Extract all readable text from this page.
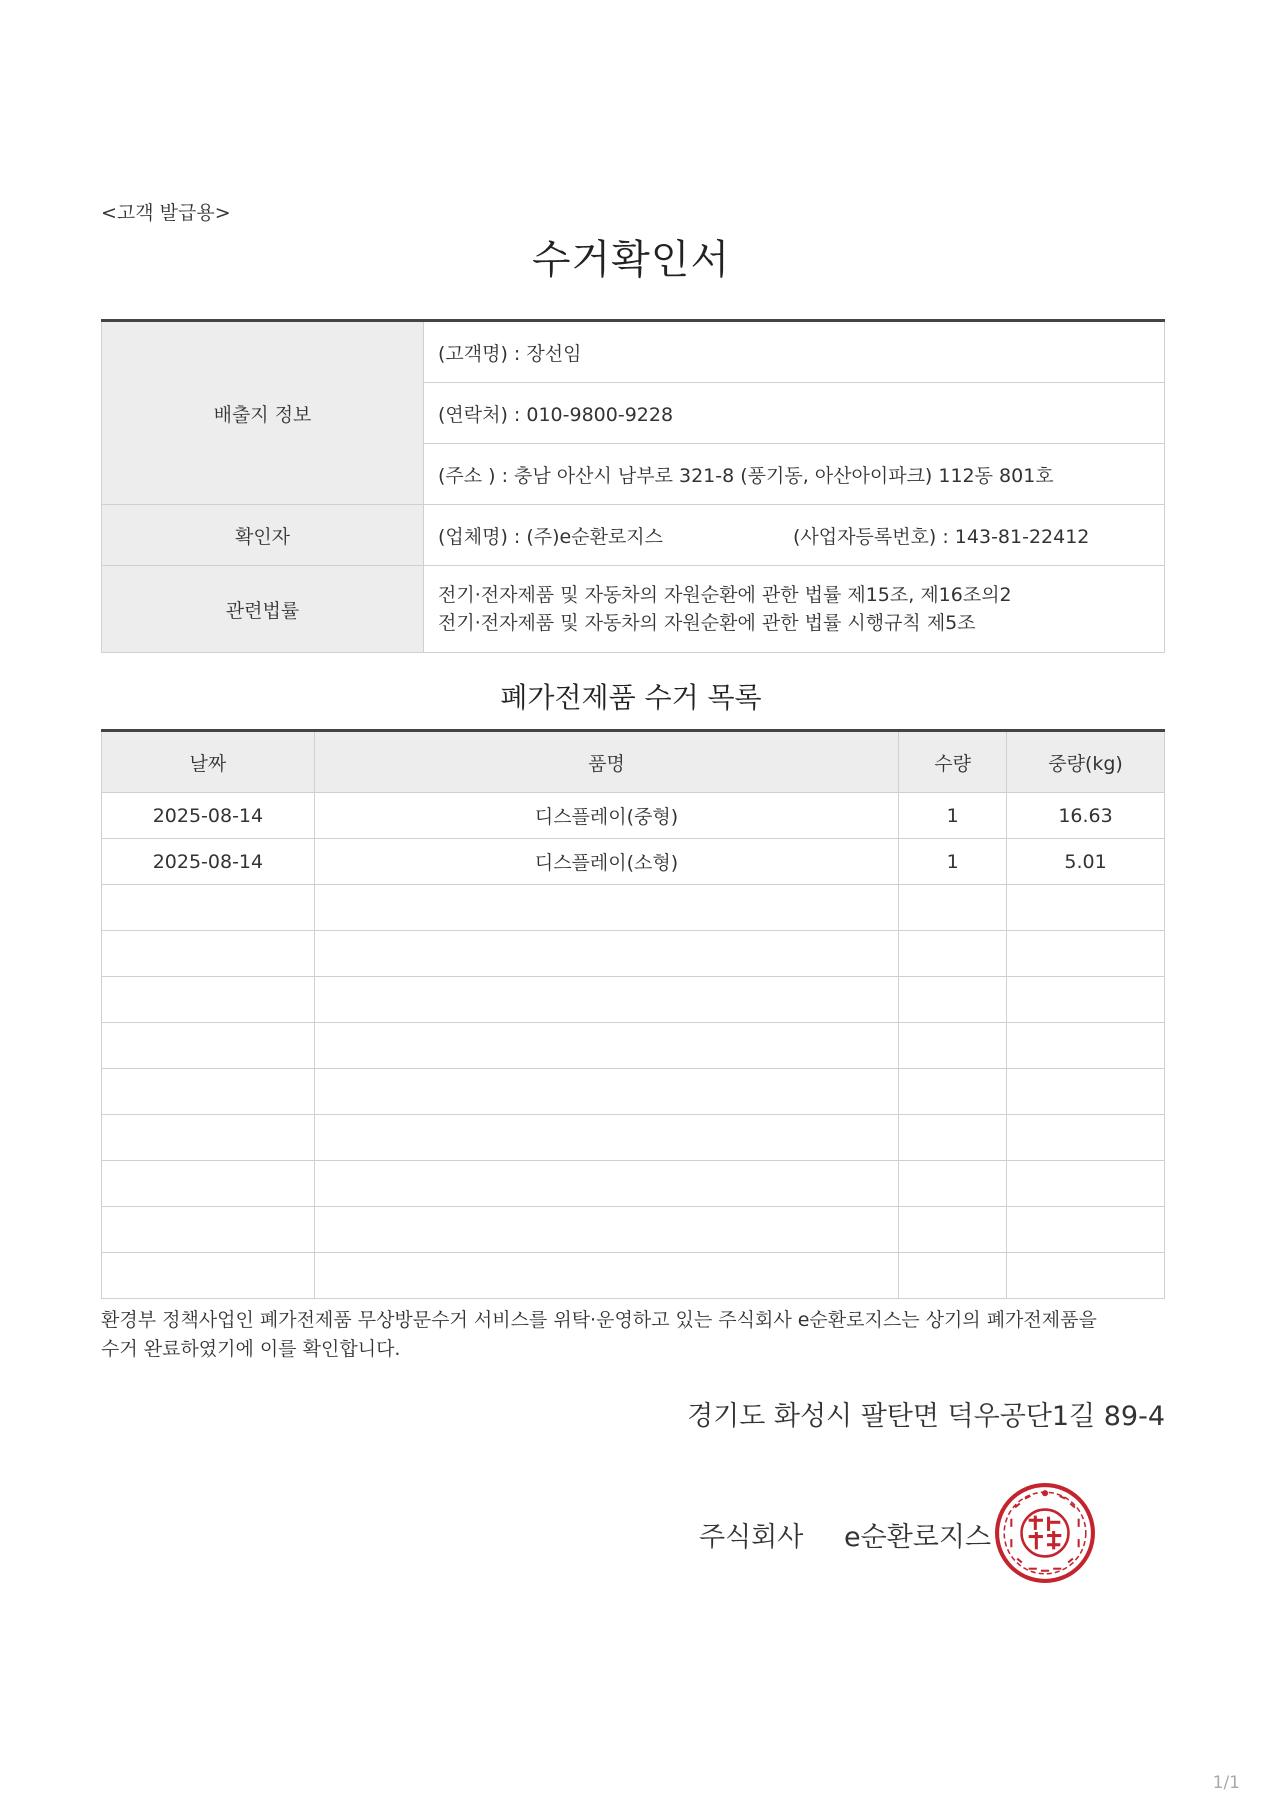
<고객 발급용>
수거확인서
배출지 정보	(고객명) : 장선임
	(연락처) : 010-9800-9228
	(주소 ) : 충남 아산시 남부로 321-8 (풍기동, 아산아이파크) 112동 801호
확인자	(업체명) : (주)e순환로지스 (사업자등록번호) : 143-81-22412
관련법률	전기·전자제품 및 자동차의 자원순환에 관한 법률 제15조, 제16조의2
전기·전자제품 및 자동차의 자원순환에 관한 법률 시행규칙 제5조
폐가전제품 수거 목록
날짜	품명	수량	중량(kg)
2025-08-14	디스플레이(중형)	1	16.63
2025-08-14	디스플레이(소형)	1	5.01

환경부 정책사업인 폐가전제품 무상방문수거 서비스를 위탁·운영하고 있는 주식회사 e순환로지스는 상기의 폐가전제품을
수거 완료하였기에 이를 확인합니다.
경기도 화성시 팔탄면 덕우공단1길 89-4
주식회사 e순환로지스
1/1
